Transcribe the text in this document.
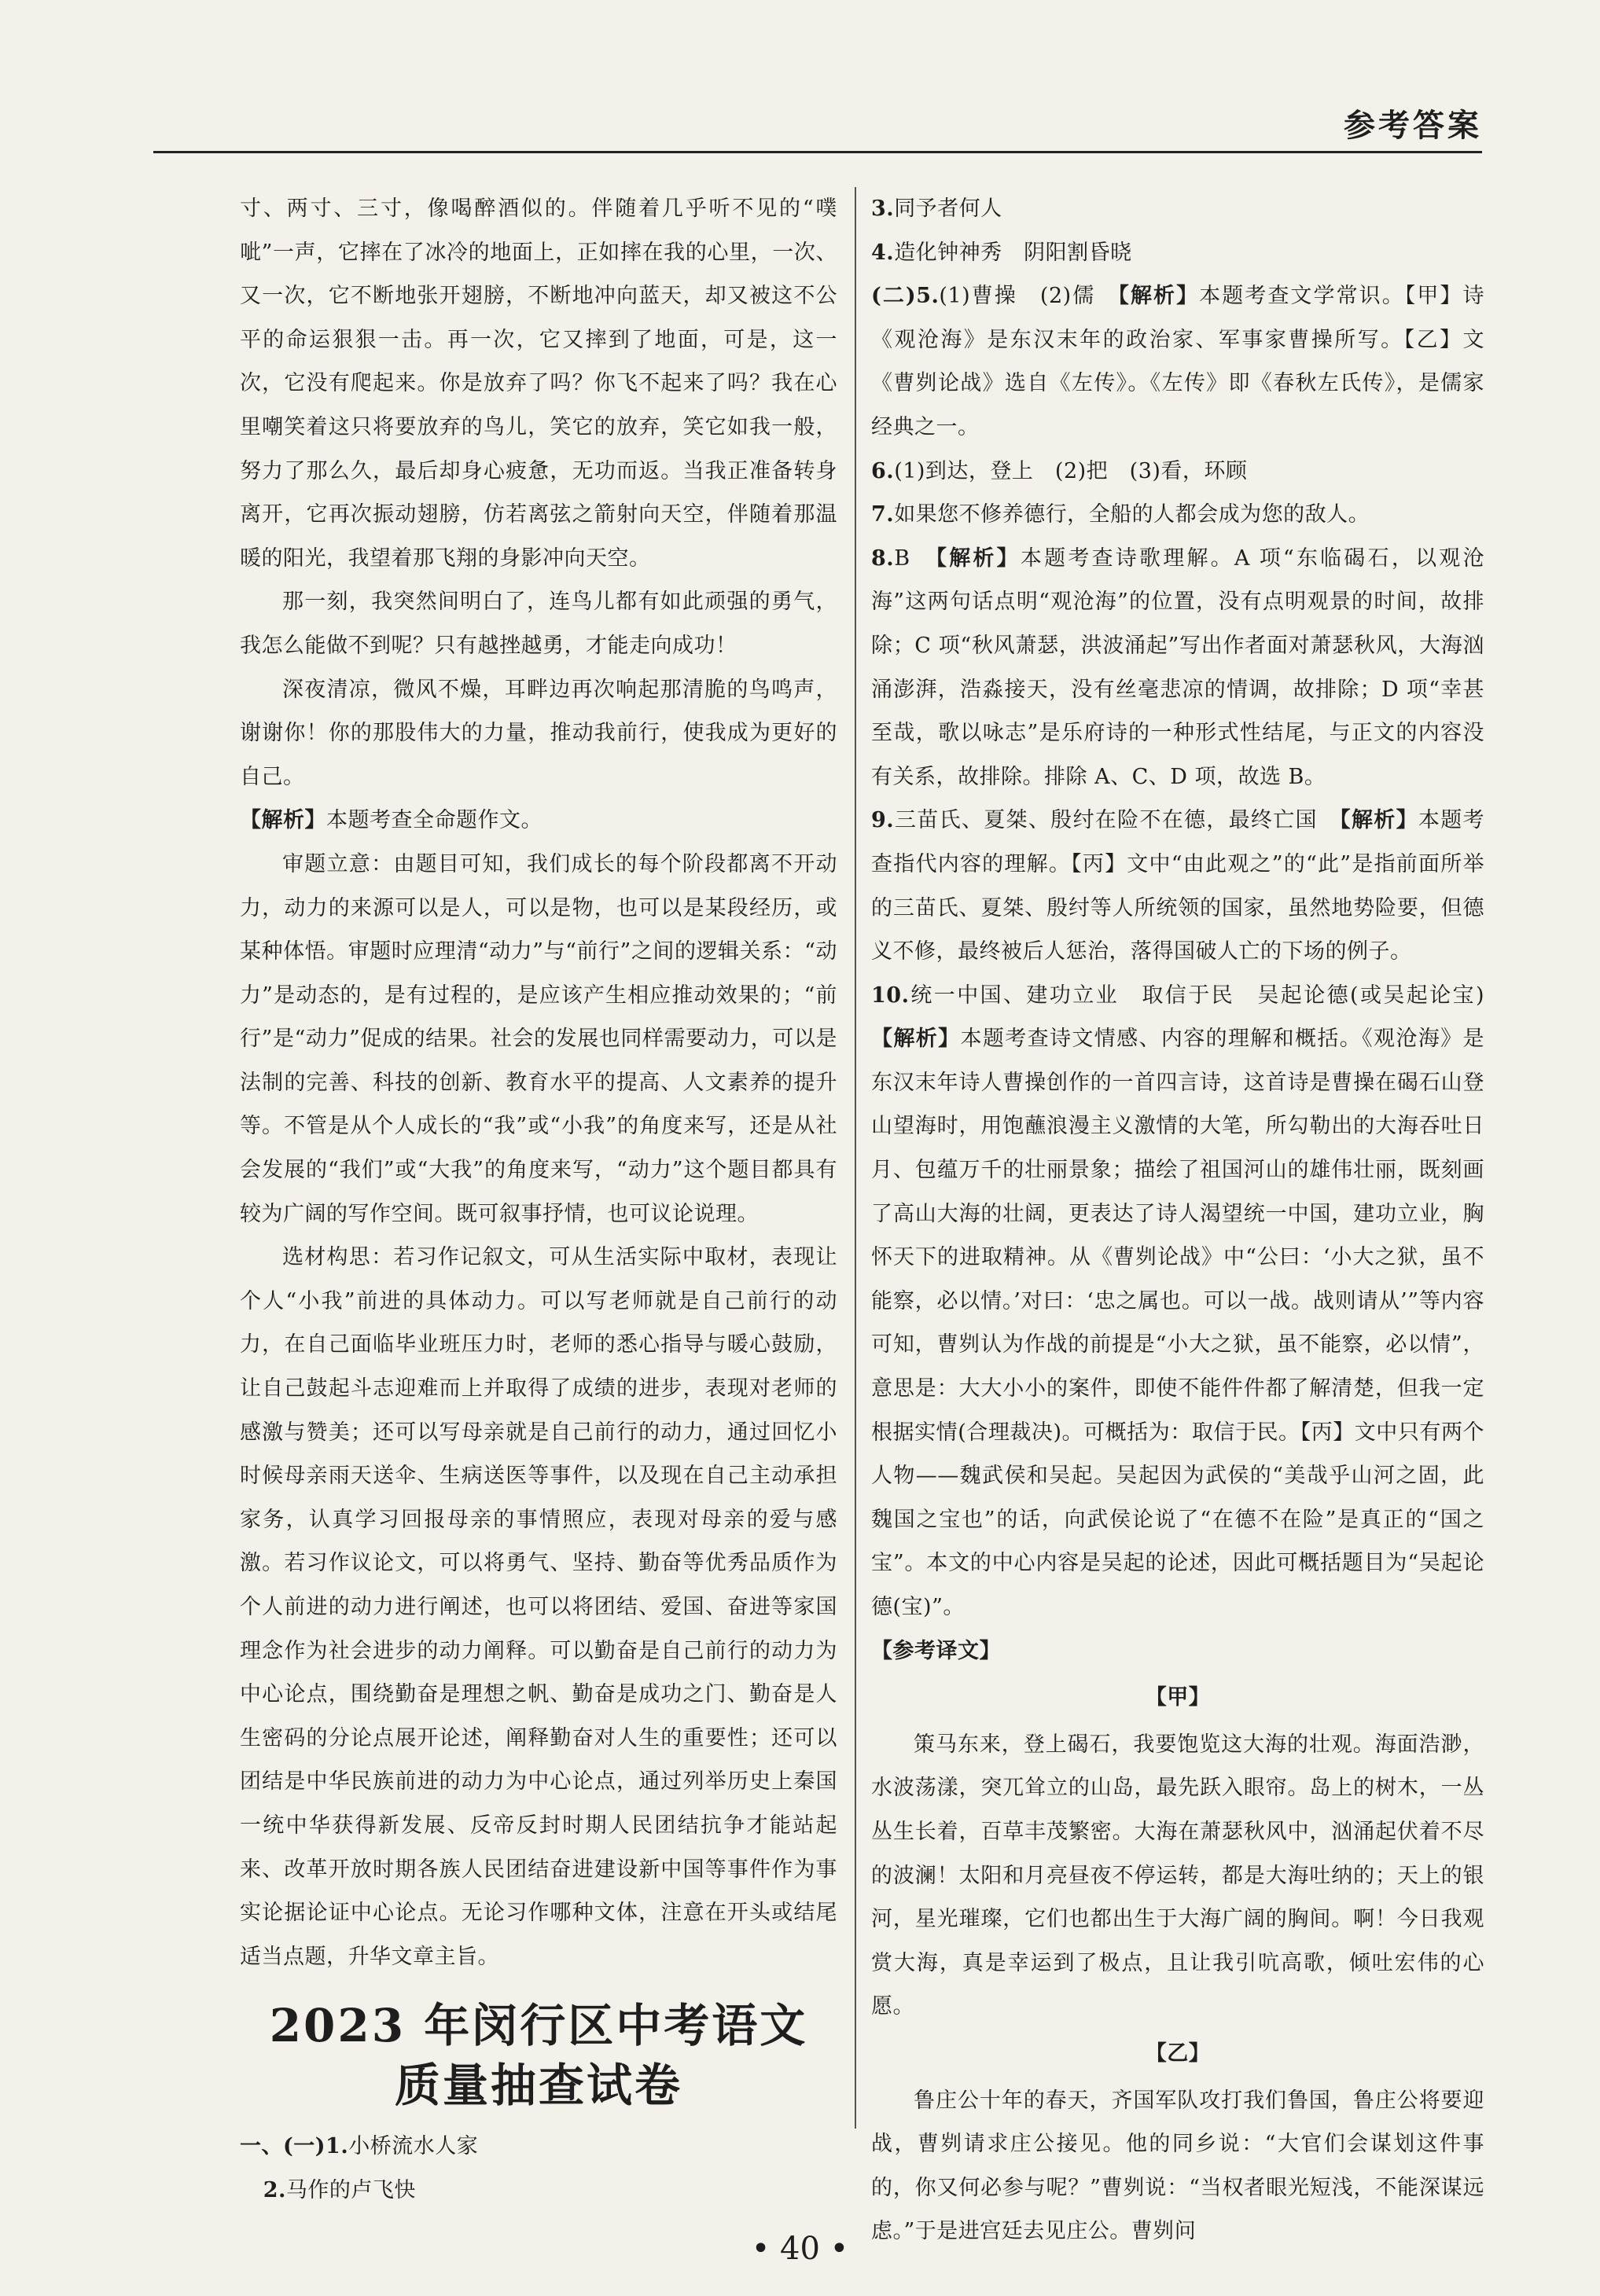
参考答案

寸、两寸、三寸，像喝醉酒似的。伴随着几乎听不见的“噗呲”一声，它摔在了冰冷的地面上，正如摔在我的心里，一次、又一次，它不断地张开翅膀，不断地冲向蓝天，却又被这不公平的命运狠狠一击。再一次，它又摔到了地面，可是，这一次，它没有爬起来。你是放弃了吗？你飞不起来了吗？我在心里嘲笑着这只将要放弃的鸟儿，笑它的放弃，笑它如我一般，努力了那么久，最后却身心疲惫，无功而返。当我正准备转身离开，它再次振动翅膀，仿若离弦之箭射向天空，伴随着那温暖的阳光，我望着那飞翔的身影冲向天空。

那一刻，我突然间明白了，连鸟儿都有如此顽强的勇气，我怎么能做不到呢？只有越挫越勇，才能走向成功！

深夜清凉，微风不燥，耳畔边再次响起那清脆的鸟鸣声，谢谢你！你的那股伟大的力量，推动我前行，使我成为更好的自己。

【解析】本题考查全命题作文。

审题立意：由题目可知，我们成长的每个阶段都离不开动力，动力的来源可以是人，可以是物，也可以是某段经历，或某种体悟。审题时应理清“动力”与“前行”之间的逻辑关系：“动力”是动态的，是有过程的，是应该产生相应推动效果的；“前行”是“动力”促成的结果。社会的发展也同样需要动力，可以是法制的完善、科技的创新、教育水平的提高、人文素养的提升等。不管是从个人成长的“我”或“小我”的角度来写，还是从社会发展的“我们”或“大我”的角度来写，“动力”这个题目都具有较为广阔的写作空间。既可叙事抒情，也可议论说理。

选材构思：若习作记叙文，可从生活实际中取材，表现让个人“小我”前进的具体动力。可以写老师就是自己前行的动力，在自己面临毕业班压力时，老师的悉心指导与暖心鼓励，让自己鼓起斗志迎难而上并取得了成绩的进步，表现对老师的感激与赞美；还可以写母亲就是自己前行的动力，通过回忆小时候母亲雨天送伞、生病送医等事件，以及现在自己主动承担家务，认真学习回报母亲的事情照应，表现对母亲的爱与感激。若习作议论文，可以将勇气、坚持、勤奋等优秀品质作为个人前进的动力进行阐述，也可以将团结、爱国、奋进等家国理念作为社会进步的动力阐释。可以勤奋是自己前行的动力为中心论点，围绕勤奋是理想之帆、勤奋是成功之门、勤奋是人生密码的分论点展开论述，阐释勤奋对人生的重要性；还可以团结是中华民族前进的动力为中心论点，通过列举历史上秦国一统中华获得新发展、反帝反封时期人民团结抗争才能站起来、改革开放时期各族人民团结奋进建设新中国等事件作为事实论据论证中心论点。无论习作哪种文体，注意在开头或结尾适当点题，升华文章主旨。

2023 年闵行区中考语文
质量抽查试卷

一、(一)1.小桥流水人家

2.马作的卢飞快

3.同予者何人

4.造化钟神秀　阴阳割昏晓

(二)5.(1)曹操　(2)儒　【解析】本题考查文学常识。【甲】诗《观沧海》是东汉末年的政治家、军事家曹操所写。【乙】文《曹刿论战》选自《左传》。《左传》即《春秋左氏传》，是儒家经典之一。

6.(1)到达，登上　(2)把　(3)看，环顾

7.如果您不修养德行，全船的人都会成为您的敌人。

8.B　【解析】本题考查诗歌理解。A 项“东临碣石，以观沧海”这两句话点明“观沧海”的位置，没有点明观景的时间，故排除；C 项“秋风萧瑟，洪波涌起”写出作者面对萧瑟秋风，大海汹涌澎湃，浩淼接天，没有丝毫悲凉的情调，故排除；D 项“幸甚至哉，歌以咏志”是乐府诗的一种形式性结尾，与正文的内容没有关系，故排除。排除 A、C、D 项，故选 B。

9.三苗氏、夏桀、殷纣在险不在德，最终亡国　【解析】本题考查指代内容的理解。【丙】文中“由此观之”的“此”是指前面所举的三苗氏、夏桀、殷纣等人所统领的国家，虽然地势险要，但德义不修，最终被后人惩治，落得国破人亡的下场的例子。

10.统一中国、建功立业　取信于民　吴起论德(或吴起论宝)【解析】本题考查诗文情感、内容的理解和概括。《观沧海》是东汉末年诗人曹操创作的一首四言诗，这首诗是曹操在碣石山登山望海时，用饱蘸浪漫主义激情的大笔，所勾勒出的大海吞吐日月、包蕴万千的壮丽景象；描绘了祖国河山的雄伟壮丽，既刻画了高山大海的壮阔，更表达了诗人渴望统一中国，建功立业，胸怀天下的进取精神。从《曹刿论战》中“公曰：‘小大之狱，虽不能察，必以情。’对曰：‘忠之属也。可以一战。战则请从’”等内容可知，曹刿认为作战的前提是“小大之狱，虽不能察，必以情”，意思是：大大小小的案件，即使不能件件都了解清楚，但我一定根据实情(合理裁决)。可概括为：取信于民。【丙】文中只有两个人物——魏武侯和吴起。吴起因为武侯的“美哉乎山河之固，此魏国之宝也”的话，向武侯论说了“在德不在险”是真正的“国之宝”。本文的中心内容是吴起的论述，因此可概括题目为“吴起论德(宝)”。

【参考译文】

【甲】

策马东来，登上碣石，我要饱览这大海的壮观。海面浩渺，水波荡漾，突兀耸立的山岛，最先跃入眼帘。岛上的树木，一丛丛生长着，百草丰茂繁密。大海在萧瑟秋风中，汹涌起伏着不尽的波澜！太阳和月亮昼夜不停运转，都是大海吐纳的；天上的银河，星光璀璨，它们也都出生于大海广阔的胸间。啊！今日我观赏大海，真是幸运到了极点，且让我引吭高歌，倾吐宏伟的心愿。

【乙】

鲁庄公十年的春天，齐国军队攻打我们鲁国，鲁庄公将要迎战，曹刿请求庄公接见。他的同乡说：“大官们会谋划这件事的，你又何必参与呢？”曹刿说：“当权者眼光短浅，不能深谋远虑。”于是进宫廷去见庄公。曹刿问

• 40 •
